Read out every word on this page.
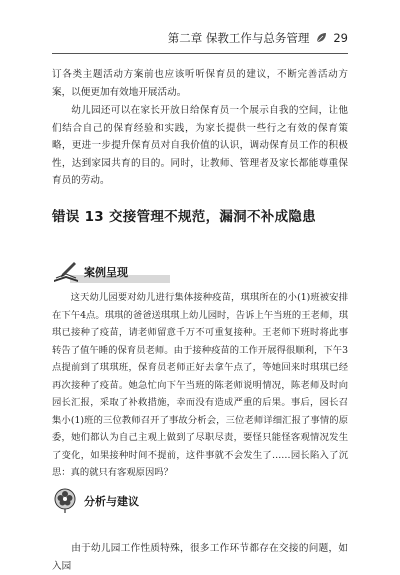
第二章 保教工作与总务管理 29

订各类主题活动方案前也应该听听保育员的建议，不断完善活动方案，以便更加有效地开展活动。

幼儿园还可以在家长开放日给保育员一个展示自我的空间，让他们结合自己的保育经验和实践，为家长提供一些行之有效的保育策略，更进一步提升保育员对自我价值的认识，调动保育员工作的积极性，达到家园共育的目的。同时，让教师、管理者及家长都能尊重保育员的劳动。

错误 13 交接管理不规范，漏洞不补成隐患
案例呈现

这天幼儿园要对幼儿进行集体接种疫苗，琪琪所在的小(1)班被安排在下午4点。琪琪的爸爸送琪琪上幼儿园时，告诉上午当班的王老师，琪琪已接种了疫苗，请老师留意千万不可重复接种。王老师下班时将此事转告了值午睡的保育员老师。由于接种疫苗的工作开展得很顺利，下午3点提前到了琪琪班，保育员老师正好去拿午点了，等她回来时琪琪已经再次接种了疫苗。她急忙向下午当班的陈老师说明情况，陈老师及时向园长汇报，采取了补救措施，幸而没有造成严重的后果。事后，园长召集小(1)班的三位教师召开了事故分析会，三位老师详细汇报了事情的原委，她们都认为自己主观上做到了尽职尽责，要怪只能怪客观情况发生了变化，如果接种时间不提前，这件事就不会发生了……园长陷入了沉思：真的就只有客观原因吗？

分析与建议

由于幼儿园工作性质特殊，很多工作环节都存在交接的问题，如入园
